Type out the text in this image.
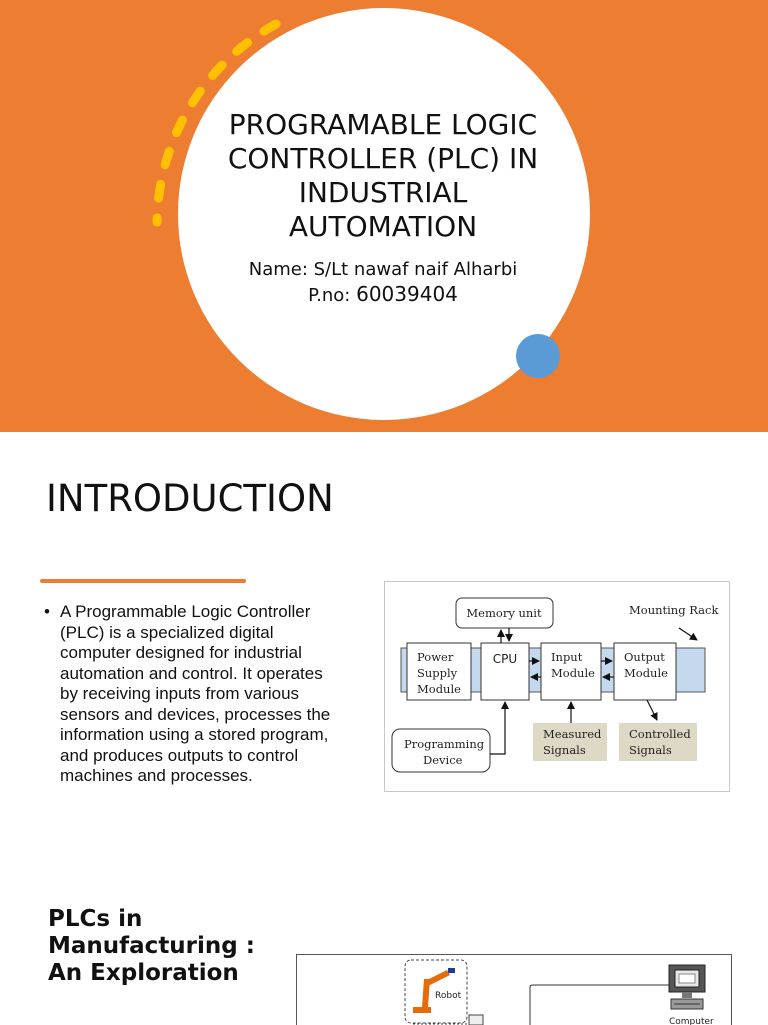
PROGRAMABLE LOGIC CONTROLLER (PLC) IN INDUSTRIAL AUTOMATION
Name: S/Lt nawaf naif Alharbi
P.no: 60039404
INTRODUCTION
• A Programmable Logic Controller (PLC) is a specialized digital computer designed for industrial automation and control. It operates by receiving inputs from various sensors and devices, processes the information using a stored program, and produces outputs to control machines and processes.
Memory unit	Mounting Rack
Power
Supply
Module
CPU	Input
Module
Output
Module
Measured
Signals
Controlled
Signals
Programming
Device
PLCs in Manufacturing : An Exploration
Robot
Computer
